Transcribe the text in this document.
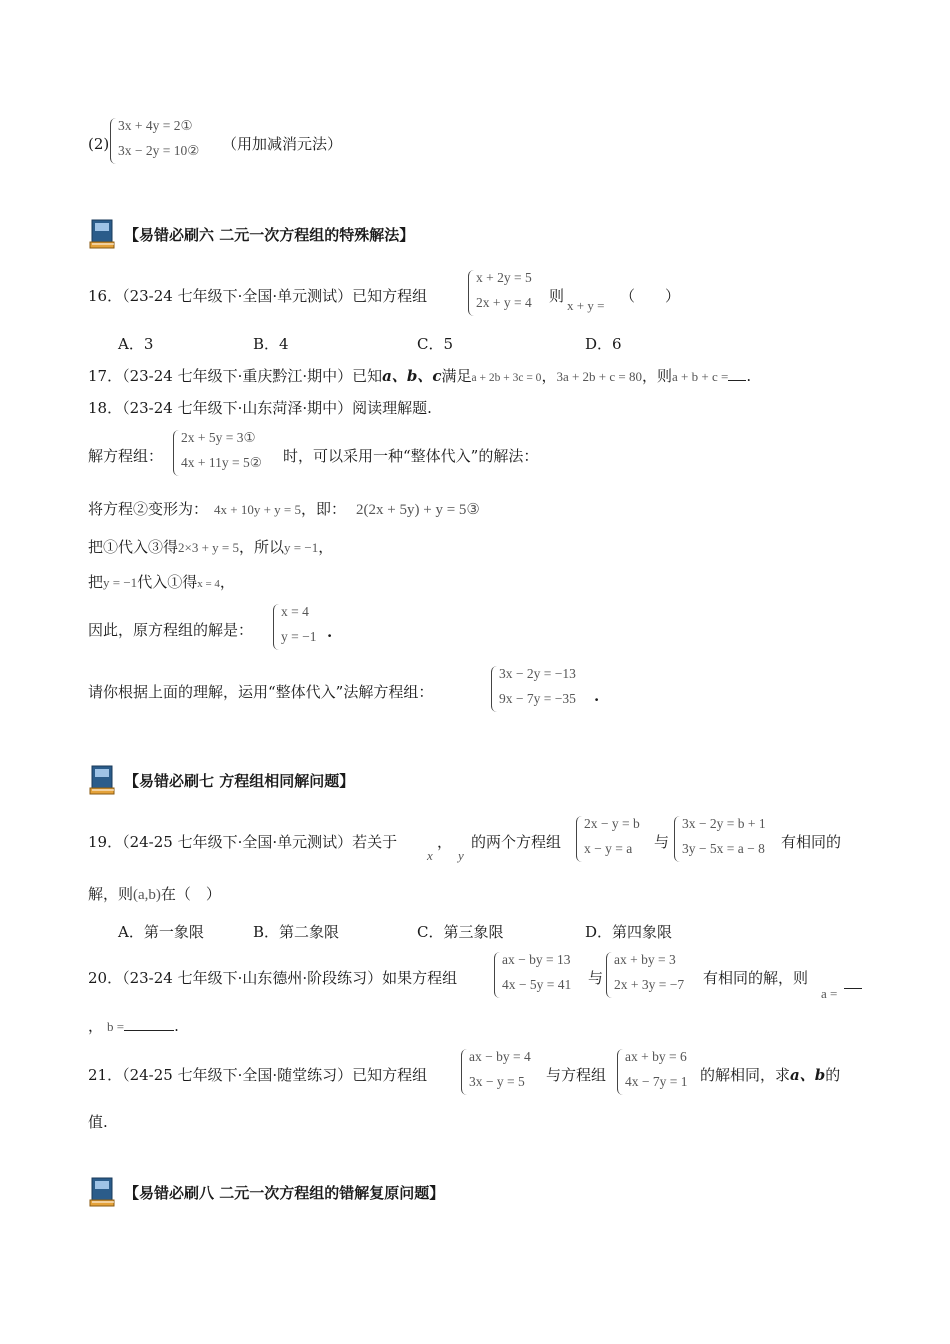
(2)
3x + 4y = 2①
3x − 2y = 10② （用加减消元法）
【易错必刷六 二元一次方程组的特殊解法】
16．（23-24 七年级下·全国·单元测试）已知方程组
x + 2y = 5
2x + y = 4 则
x + y =
（　　）
A．3	B．4	C．5	D．6
17．（23-24 七年级下·重庆黔江·期中）已知a、b、c满足a + 2b + 3c = 0，3a + 2b + c = 80，则a + b + c = .
18．（23-24 七年级下·山东菏泽·期中）阅读理解题.
解方程组：
2x + 5y = 3①
4x + 11y = 5② 时，可以采用一种“整体代入”的解法：
将方程②变形为： 4x + 10y + y = 5，即： 2(2x + 5y) + y = 5③
把①代入③得2×3 + y = 5，所以y = −1，
把y = −1代入①得x = 4，
因此，原方程组的解是：
x = 4
y = −1 .
请你根据上面的理解，运用“整体代入”法解方程组：
3x − 2y = −13
9x − 7y = −35 .
【易错必刷七 方程组相同解问题】
19．（24-25 七年级下·全国·单元测试）若关于
x
，
y
的两个方程组
2x − y = b
x − y = a 与
3x − 2y = b + 1
3y − 5x = a − 8 有相同的
解，则(a,b)在（　）
A．第一象限	B．第二象限	C．第三象限	D．第四象限
20．（23-24 七年级下·山东德州·阶段练习）如果方程组
ax − by = 13
4x − 5y = 41 与
ax + by = 3
2x + 3y = −7 有相同的解，则
a =
， b =	.
21．（24-25 七年级下·全国·随堂练习）已知方程组
ax − by = 4
3x − y = 5 与方程组
ax + by = 6
4x − 7y = 1 的解相同，求a、b的
值.
【易错必刷八 二元一次方程组的错解复原问题】
